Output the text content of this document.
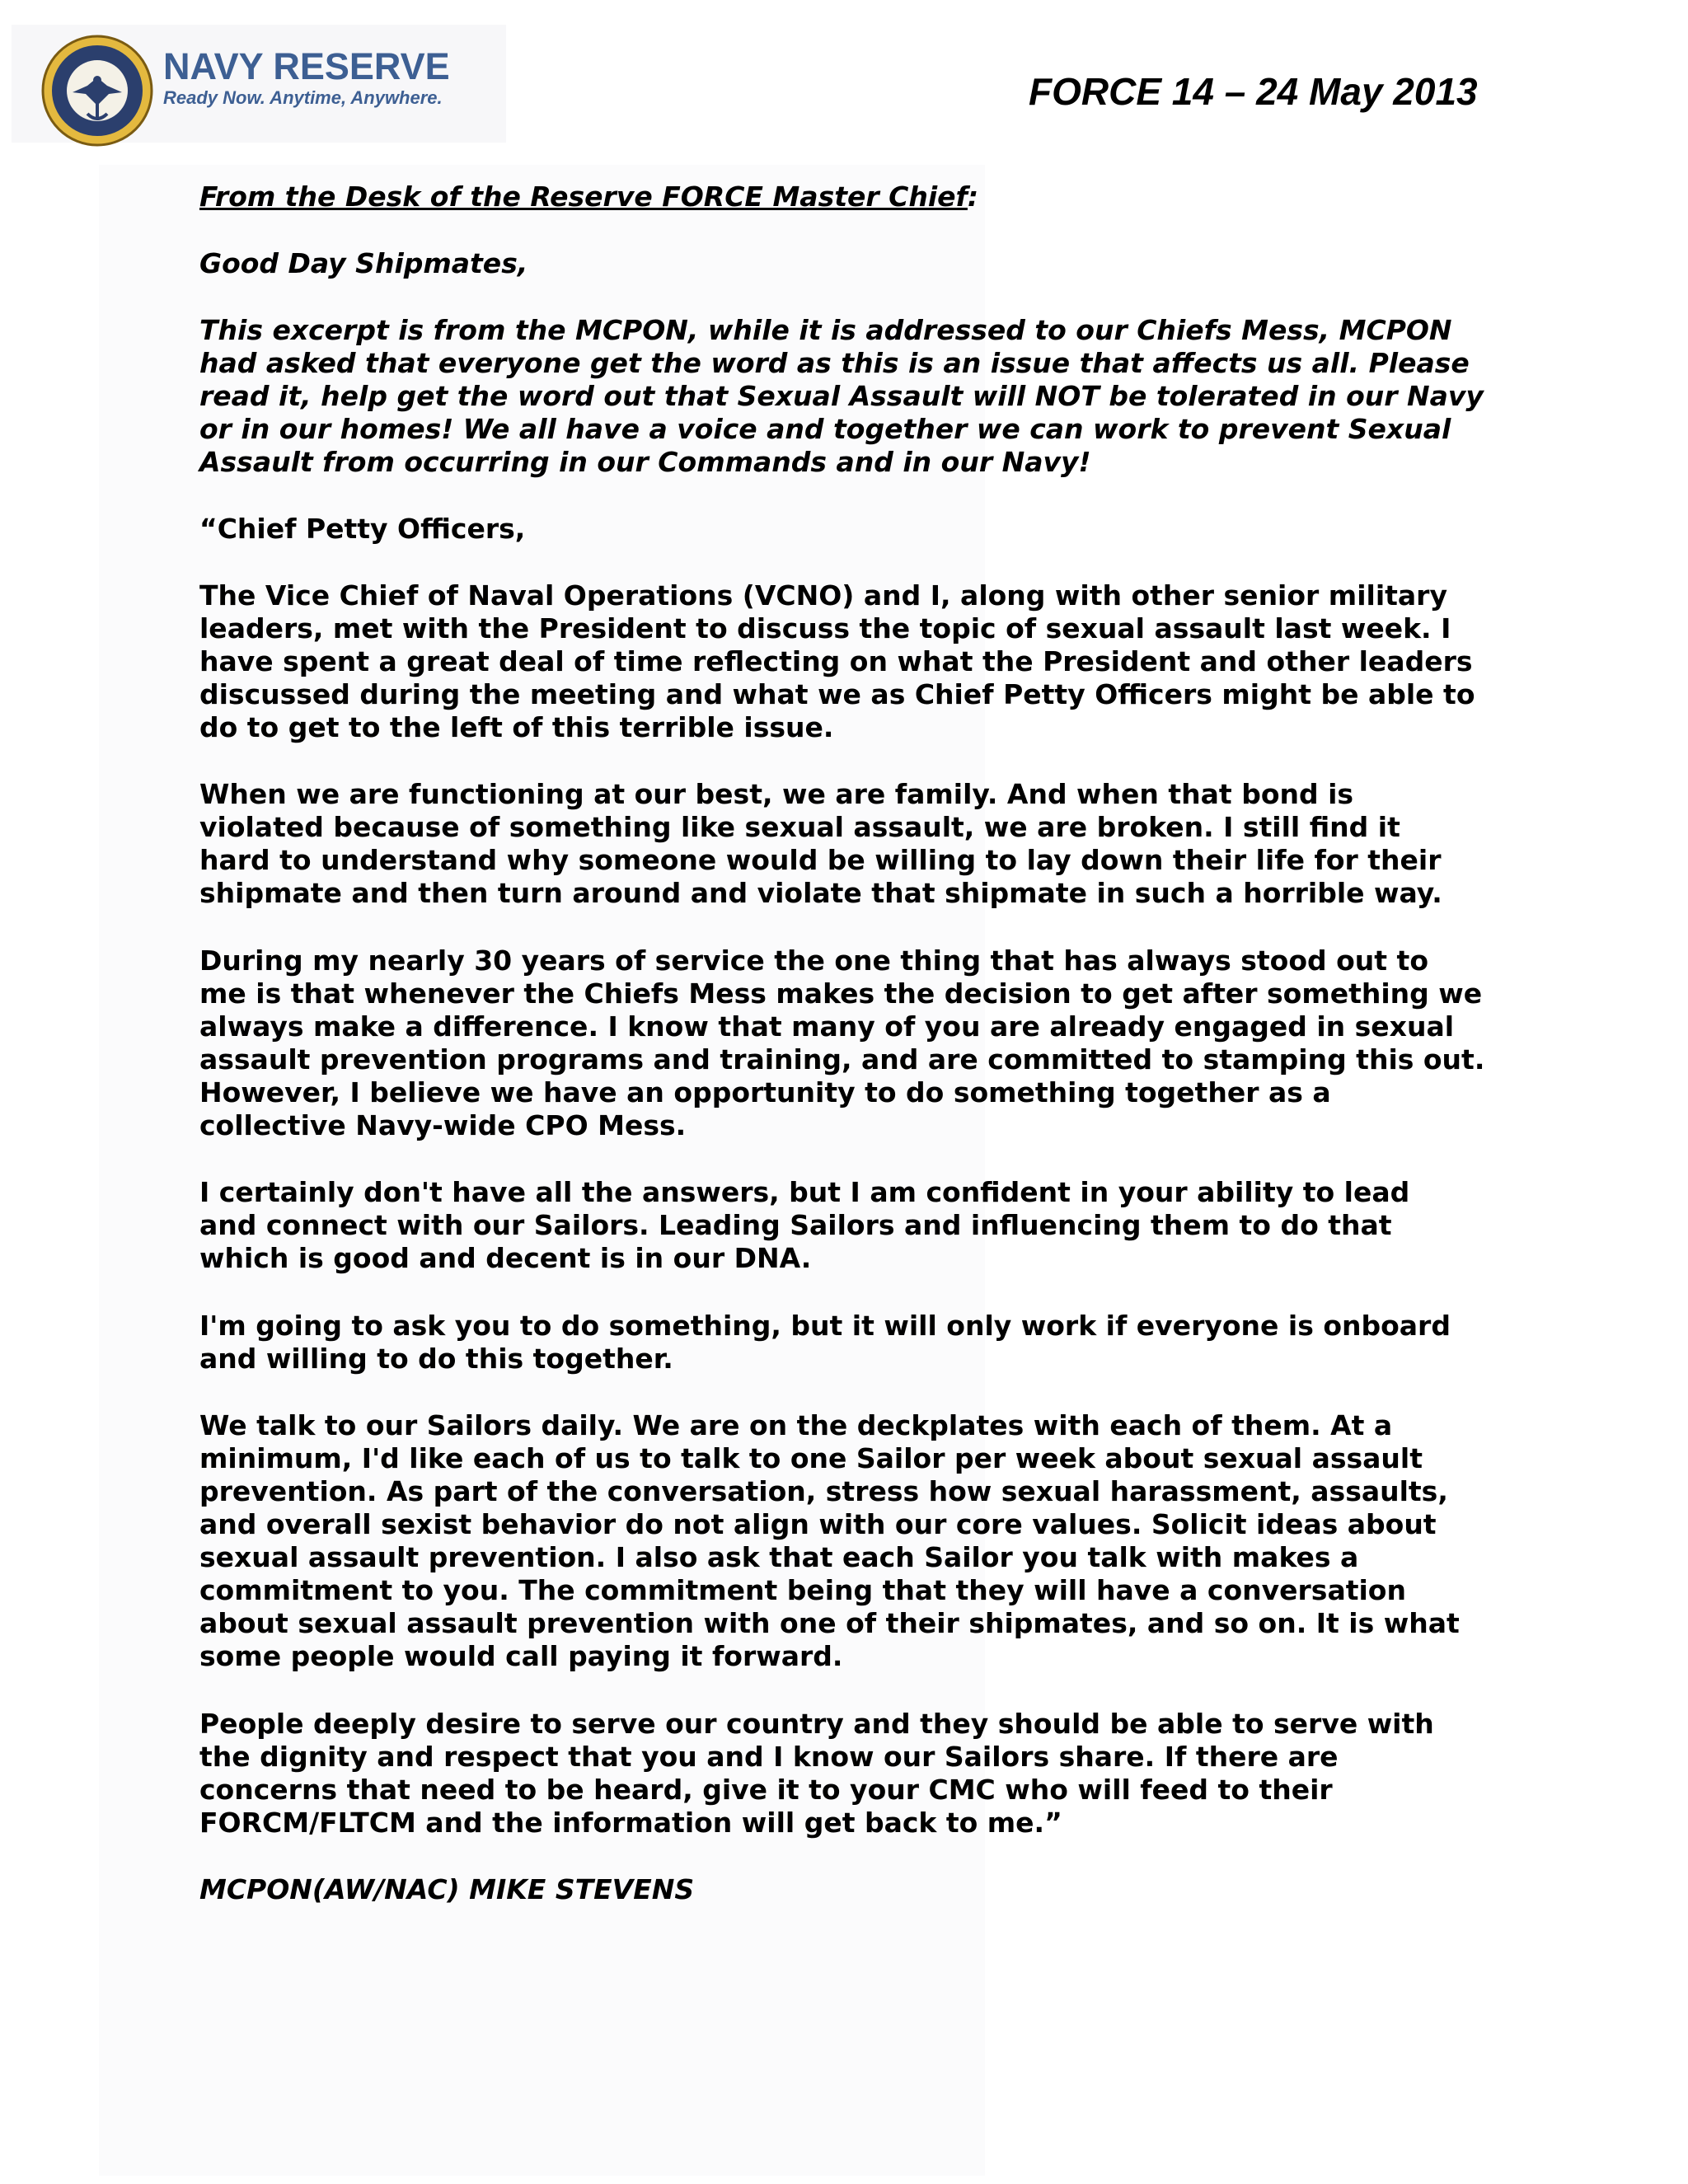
NAVY RESERVE
Ready Now. Anytime, Anywhere.	FORCE 14 – 24 May 2013
From the Desk of the Reserve FORCE Master Chief:
Good Day Shipmates,
This excerpt is from the MCPON, while it is addressed to our Chiefs Mess, MCPON
had asked that everyone get the word as this is an issue that affects us all. Please
read it, help get the word out that Sexual Assault will NOT be tolerated in our Navy
or in our homes! We all have a voice and together we can work to prevent Sexual
Assault from occurring in our Commands and in our Navy!
“Chief Petty Officers,
The Vice Chief of Naval Operations (VCNO) and I, along with other senior military
leaders, met with the President to discuss the topic of sexual assault last week. I
have spent a great deal of time reflecting on what the President and other leaders
discussed during the meeting and what we as Chief Petty Officers might be able to
do to get to the left of this terrible issue.
When we are functioning at our best, we are family. And when that bond is
violated because of something like sexual assault, we are broken. I still find it
hard to understand why someone would be willing to lay down their life for their
shipmate and then turn around and violate that shipmate in such a horrible way.
During my nearly 30 years of service the one thing that has always stood out to
me is that whenever the Chiefs Mess makes the decision to get after something we
always make a difference. I know that many of you are already engaged in sexual
assault prevention programs and training, and are committed to stamping this out.
However, I believe we have an opportunity to do something together as a
collective Navy-wide CPO Mess.
I certainly don't have all the answers, but I am confident in your ability to lead
and connect with our Sailors. Leading Sailors and influencing them to do that
which is good and decent is in our DNA.
I'm going to ask you to do something, but it will only work if everyone is onboard
and willing to do this together.
We talk to our Sailors daily. We are on the deckplates with each of them. At a
minimum, I'd like each of us to talk to one Sailor per week about sexual assault
prevention. As part of the conversation, stress how sexual harassment, assaults,
and overall sexist behavior do not align with our core values. Solicit ideas about
sexual assault prevention. I also ask that each Sailor you talk with makes a
commitment to you. The commitment being that they will have a conversation
about sexual assault prevention with one of their shipmates, and so on. It is what
some people would call paying it forward.
People deeply desire to serve our country and they should be able to serve with
the dignity and respect that you and I know our Sailors share. If there are
concerns that need to be heard, give it to your CMC who will feed to their
FORCM/FLTCM and the information will get back to me.”
MCPON(AW/NAC) MIKE STEVENS
